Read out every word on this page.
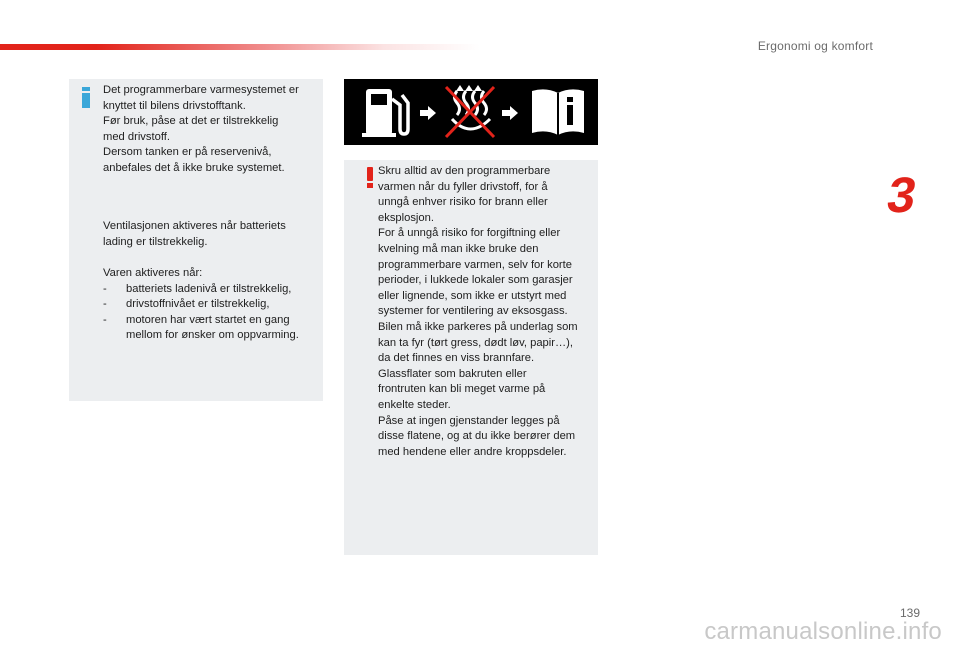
Ergonomi og komfort
3
Det programmerbare varmesystemet er
knyttet til bilens drivstofftank.
Før bruk, påse at det er tilstrekkelig
med drivstoff.
Dersom tanken er på reservenivå,
anbefales det å ikke bruke systemet.
Ventilasjonen aktiveres når batteriets
lading er tilstrekkelig.
Varen aktiveres når:
- batteriets ladenivå er tilstrekkelig,
- drivstoffnivået er tilstrekkelig,
- motoren har vært startet en gang
mellom for ønsker om oppvarming.
Skru alltid av den programmerbare
varmen når du fyller drivstoff, for å
unngå enhver risiko for brann eller
eksplosjon.
For å unngå risiko for forgiftning eller
kvelning må man ikke bruke den
programmerbare varmen, selv for korte
perioder, i lukkede lokaler som garasjer
eller lignende, som ikke er utstyrt med
systemer for ventilering av eksosgass.
Bilen må ikke parkeres på underlag som
kan ta fyr (tørt gress, dødt løv, papir…),
da det finnes en viss brannfare.
Glassflater som bakruten eller
frontruten kan bli meget varme på
enkelte steder.
Påse at ingen gjenstander legges på
disse flatene, og at du ikke berører dem
med hendene eller andre kroppsdeler.
139
carmanualsonline.info
